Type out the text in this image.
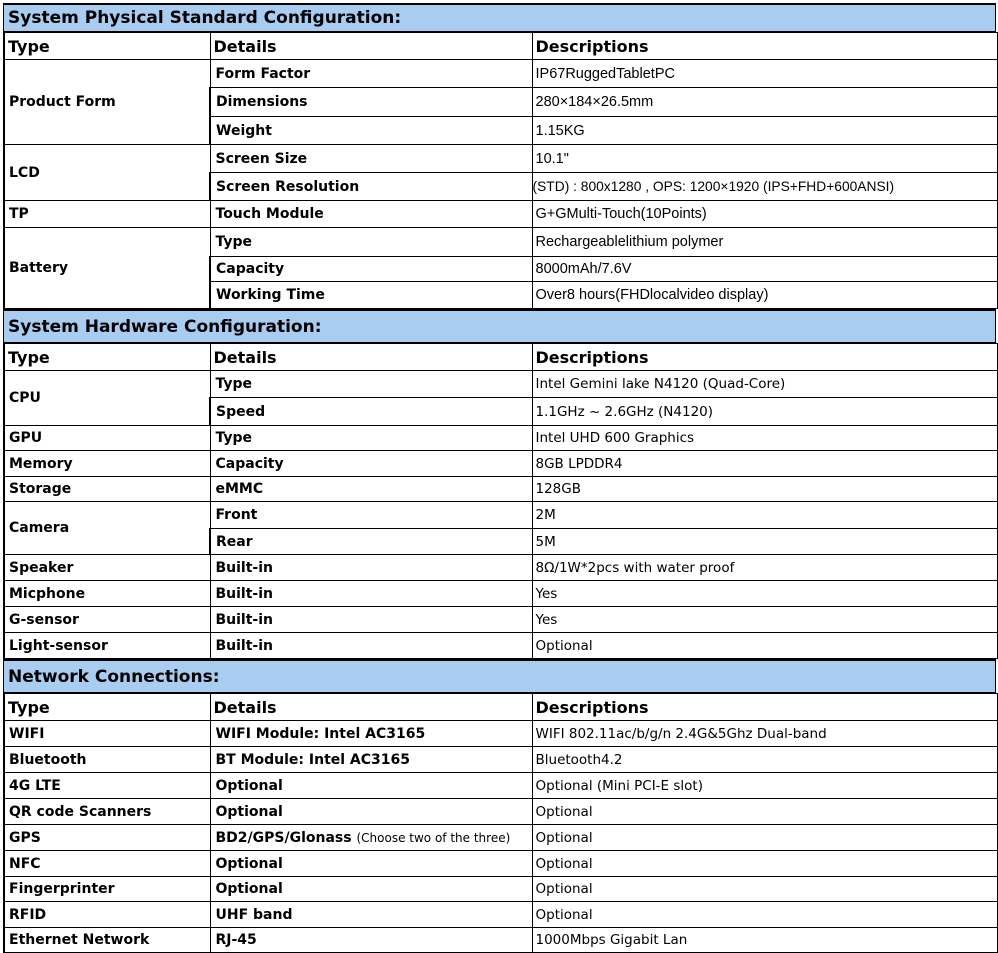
System Physical Standard Configuration:
Type	Details	Descriptions
Product Form	Form Factor	IP67RuggedTabletPC
	Dimensions	280×184×26.5mm
	Weight	1.15KG
LCD	Screen Size	10.1"
	Screen Resolution	(STD) : 800x1280 , OPS: 1200×1920 (IPS+FHD+600ANSI)
TP	Touch Module	G+GMulti-Touch(10Points)
Battery	Type	Rechargeablelithium polymer
	Capacity	8000mAh/7.6V
	Working Time	Over8 hours(FHDlocalvideo display)
System Hardware Configuration:
Type	Details	Descriptions
CPU	Type	Intel Gemini lake N4120 (Quad-Core)
	Speed	1.1GHz ~ 2.6GHz (N4120)
GPU	Type	Intel UHD 600 Graphics
Memory	Capacity	8GB LPDDR4
Storage	eMMC	128GB
Camera	Front	2M
	Rear	5M
Speaker	Built-in	8Ω/1W*2pcs with water proof
Micphone	Built-in	Yes
G-sensor	Built-in	Yes
Light-sensor	Built-in	Optional
Network Connections:
Type	Details	Descriptions
WIFI	WIFI Module: Intel AC3165	WIFI 802.11ac/b/g/n 2.4G&5Ghz Dual-band
Bluetooth	BT Module: Intel AC3165	Bluetooth4.2
4G LTE	Optional	Optional (Mini PCI-E slot)
QR code Scanners	Optional	Optional
GPS	BD2/GPS/Glonass (Choose two of the three)	Optional
NFC	Optional	Optional
Fingerprinter	Optional	Optional
RFID	UHF band	Optional
Ethernet Network	RJ-45	1000Mbps Gigabit Lan
